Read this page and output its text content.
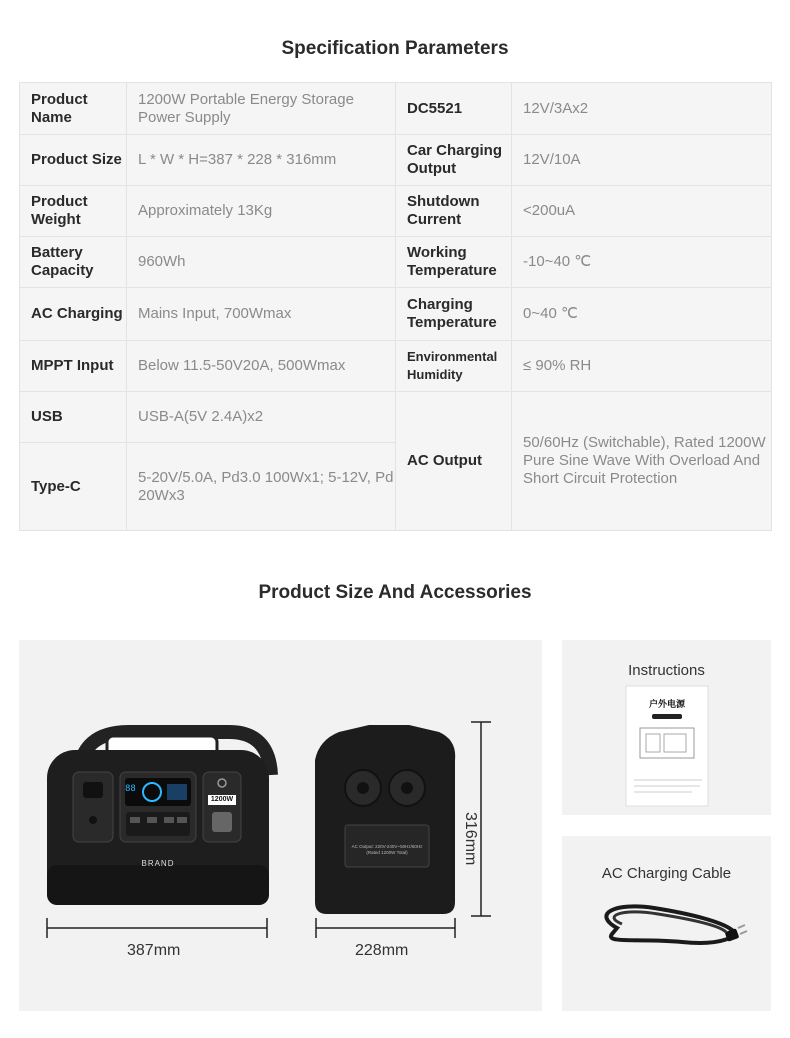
Specification Parameters
Product Name	1200W Portable Energy Storage Power Supply	DC5521	12V/3Ax2
Product Size	L * W * H=387 * 228 * 316mm	Car Charging Output	12V/10A
Product Weight	Approximately 13Kg	Shutdown Current	<200uA
Battery Capacity	960Wh	Working Temperature	-10~40 ℃
AC Charging	Mains Input, 700Wmax	Charging Temperature	0~40 ℃
MPPT Input	Below 11.5-50V20A, 500Wmax	Environmental Humidity	≤ 90% RH
USB	USB-A(5V 2.4A)x2	AC Output	50/60Hz (Switchable), Rated 1200W Pure Sine Wave With Overload And Short Circuit Protection
Type-C	5-20V/5.0A, Pd3.0 100Wx1; 5-12V, Pd 20Wx3		
Product Size And Accessories
88
1200W
BRAND
AC Output: 220V-240V~50Hz/60Hz (Rated 1200W Total)
387mm	228mm
316mm
Instructions
户外电源
AC Charging Cable
